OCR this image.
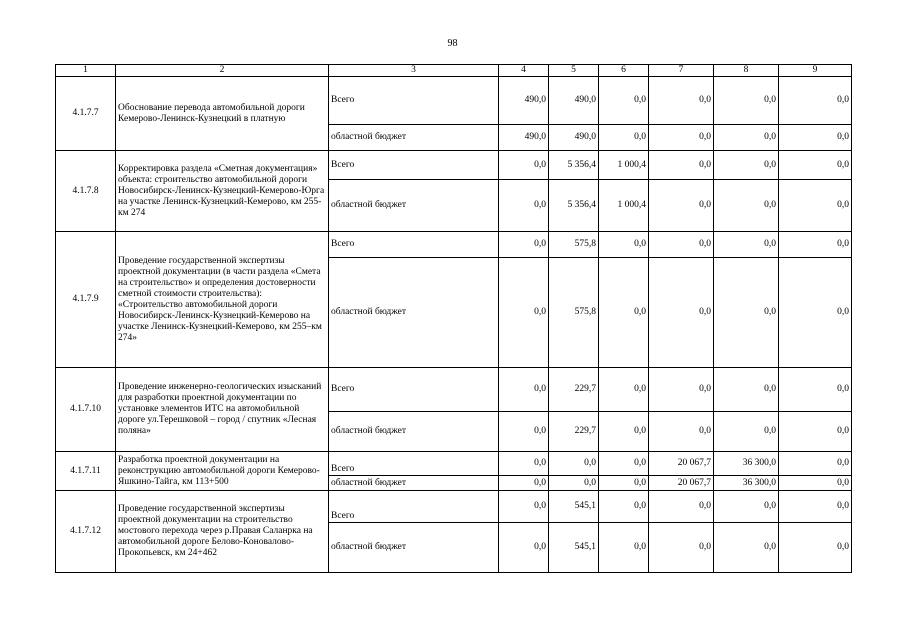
98
1	2	3	4	5	6	7	8	9
4.1.7.7	Обоснование перевода автомобильной дороги Кемерово-Ленинск-Кузнецкий в платную	Всего	490,0	490,0	0,0	0,0	0,0	0,0
		областной бюджет	490,0	490,0	0,0	0,0	0,0	0,0
4.1.7.8	Корректировка раздела «Сметная документация» объекта: строительство автомобильной дороги Новосибирск-Ленинск-Кузнецкий-Кемерово-Юрга на участке Ленинск-Кузнецкий-Кемерово, км 255- км 274	Всего	0,0	5 356,4	1 000,4	0,0	0,0	0,0
		областной бюджет	0,0	5 356,4	1 000,4	0,0	0,0	0,0
4.1.7.9	Проведение государственной экспертизы проектной документации (в части раздела «Смета на строительство» и определения достоверности сметной стоимости строительства): «Строительство автомобильной дороги Новосибирск-Ленинск-Кузнецкий-Кемерово на участке Ленинск-Кузнецкий-Кемерово, км 255–км 274»	Всего	0,0	575,8	0,0	0,0	0,0	0,0
		областной бюджет	0,0	575,8	0,0	0,0	0,0	0,0
4.1.7.10	Проведение инженерно-геологических изысканий для разработки проектной документации по установке элементов ИТС на автомобильной дороге ул.Терешковой – город / спутник «Лесная поляна»	Всего	0,0	229,7	0,0	0,0	0,0	0,0
		областной бюджет	0,0	229,7	0,0	0,0	0,0	0,0
4.1.7.11	Разработка проектной документации на реконструкцию автомобильной дороги Кемерово-Яшкино-Тайга, км 113+500	Всего	0,0	0,0	0,0	20 067,7	36 300,0	0,0
		областной бюджет	0,0	0,0	0,0	20 067,7	36 300,0	0,0
4.1.7.12	Проведение государственной экспертизы проектной документации на строительство мостового перехода через р.Правая Саланрка на автомобильной дороге Белово-Коновалово-Прокопьевск, км 24+462	Всего	0,0	545,1	0,0	0,0	0,0	0,0
		областной бюджет	0,0	545,1	0,0	0,0	0,0	0,0
